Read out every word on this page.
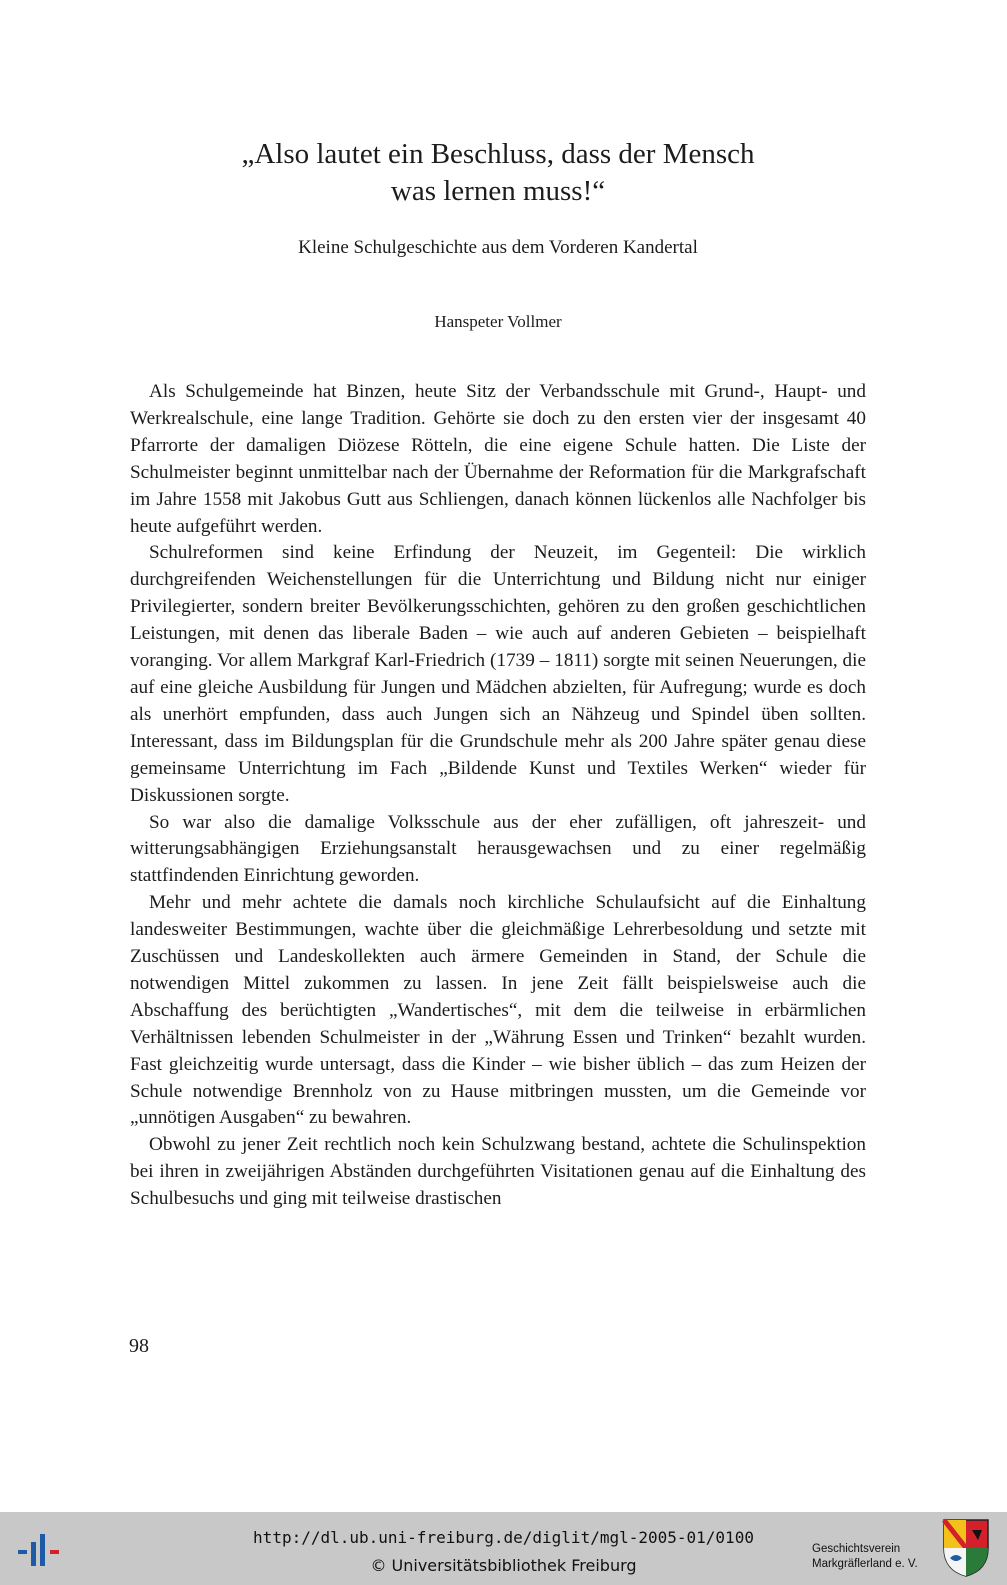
„Also lautet ein Beschluss, dass der Mensch
was lernen muss!“
Kleine Schulgeschichte aus dem Vorderen Kandertal
Hanspeter Vollmer

Als Schulgemeinde hat Binzen, heute Sitz der Verbandsschule mit Grund-, Haupt- und Werkrealschule, eine lange Tradition. Gehörte sie doch zu den ersten vier der insgesamt 40 Pfarrorte der damaligen Diözese Rötteln, die eine eigene Schule hatten. Die Liste der Schulmeister beginnt unmittelbar nach der Übernahme der Reformation für die Markgrafschaft im Jahre 1558 mit Jakobus Gutt aus Schliengen, danach können lückenlos alle Nachfolger bis heute aufgeführt werden.

Schulreformen sind keine Erfindung der Neuzeit, im Gegenteil: Die wirklich durchgreifenden Weichenstellungen für die Unterrichtung und Bildung nicht nur einiger Privilegierter, sondern breiter Bevölkerungsschichten, gehören zu den großen geschichtlichen Leistungen, mit denen das liberale Baden – wie auch auf anderen Gebieten – beispielhaft voranging. Vor allem Markgraf Karl-Friedrich (1739 – 1811) sorgte mit seinen Neuerungen, die auf eine gleiche Ausbildung für Jungen und Mädchen abzielten, für Aufregung; wurde es doch als unerhört empfunden, dass auch Jungen sich an Nähzeug und Spindel üben sollten. Interessant, dass im Bildungsplan für die Grundschule mehr als 200 Jahre später genau diese gemeinsame Unterrichtung im Fach „Bildende Kunst und Textiles Werken“ wieder für Diskussionen sorgte.

So war also die damalige Volksschule aus der eher zufälligen, oft jahreszeit- und witterungsabhängigen Erziehungsanstalt herausgewachsen und zu einer regelmäßig stattfindenden Einrichtung geworden.

Mehr und mehr achtete die damals noch kirchliche Schulaufsicht auf die Einhaltung landesweiter Bestimmungen, wachte über die gleichmäßige Lehrerbesoldung und setzte mit Zuschüssen und Landeskollekten auch ärmere Gemeinden in Stand, der Schule die notwendigen Mittel zukommen zu lassen. In jene Zeit fällt beispielsweise auch die Abschaffung des berüchtigten „Wandertisches“, mit dem die teilweise in erbärmlichen Verhältnissen lebenden Schulmeister in der „Währung Essen und Trinken“ bezahlt wurden. Fast gleichzeitig wurde untersagt, dass die Kinder – wie bisher üblich – das zum Heizen der Schule notwendige Brennholz von zu Hause mitbringen mussten, um die Gemeinde vor „unnötigen Ausgaben“ zu bewahren.

Obwohl zu jener Zeit rechtlich noch kein Schulzwang bestand, achtete die Schulinspektion bei ihren in zweijährigen Abständen durchgeführten Visitationen genau auf die Einhaltung des Schulbesuchs und ging mit teilweise drastischen

98
http://dl.ub.uni-freiburg.de/diglit/mgl-2005-01/0100
© Universitätsbibliothek Freiburg
Geschichtsverein
Markgräflerland e. V.
